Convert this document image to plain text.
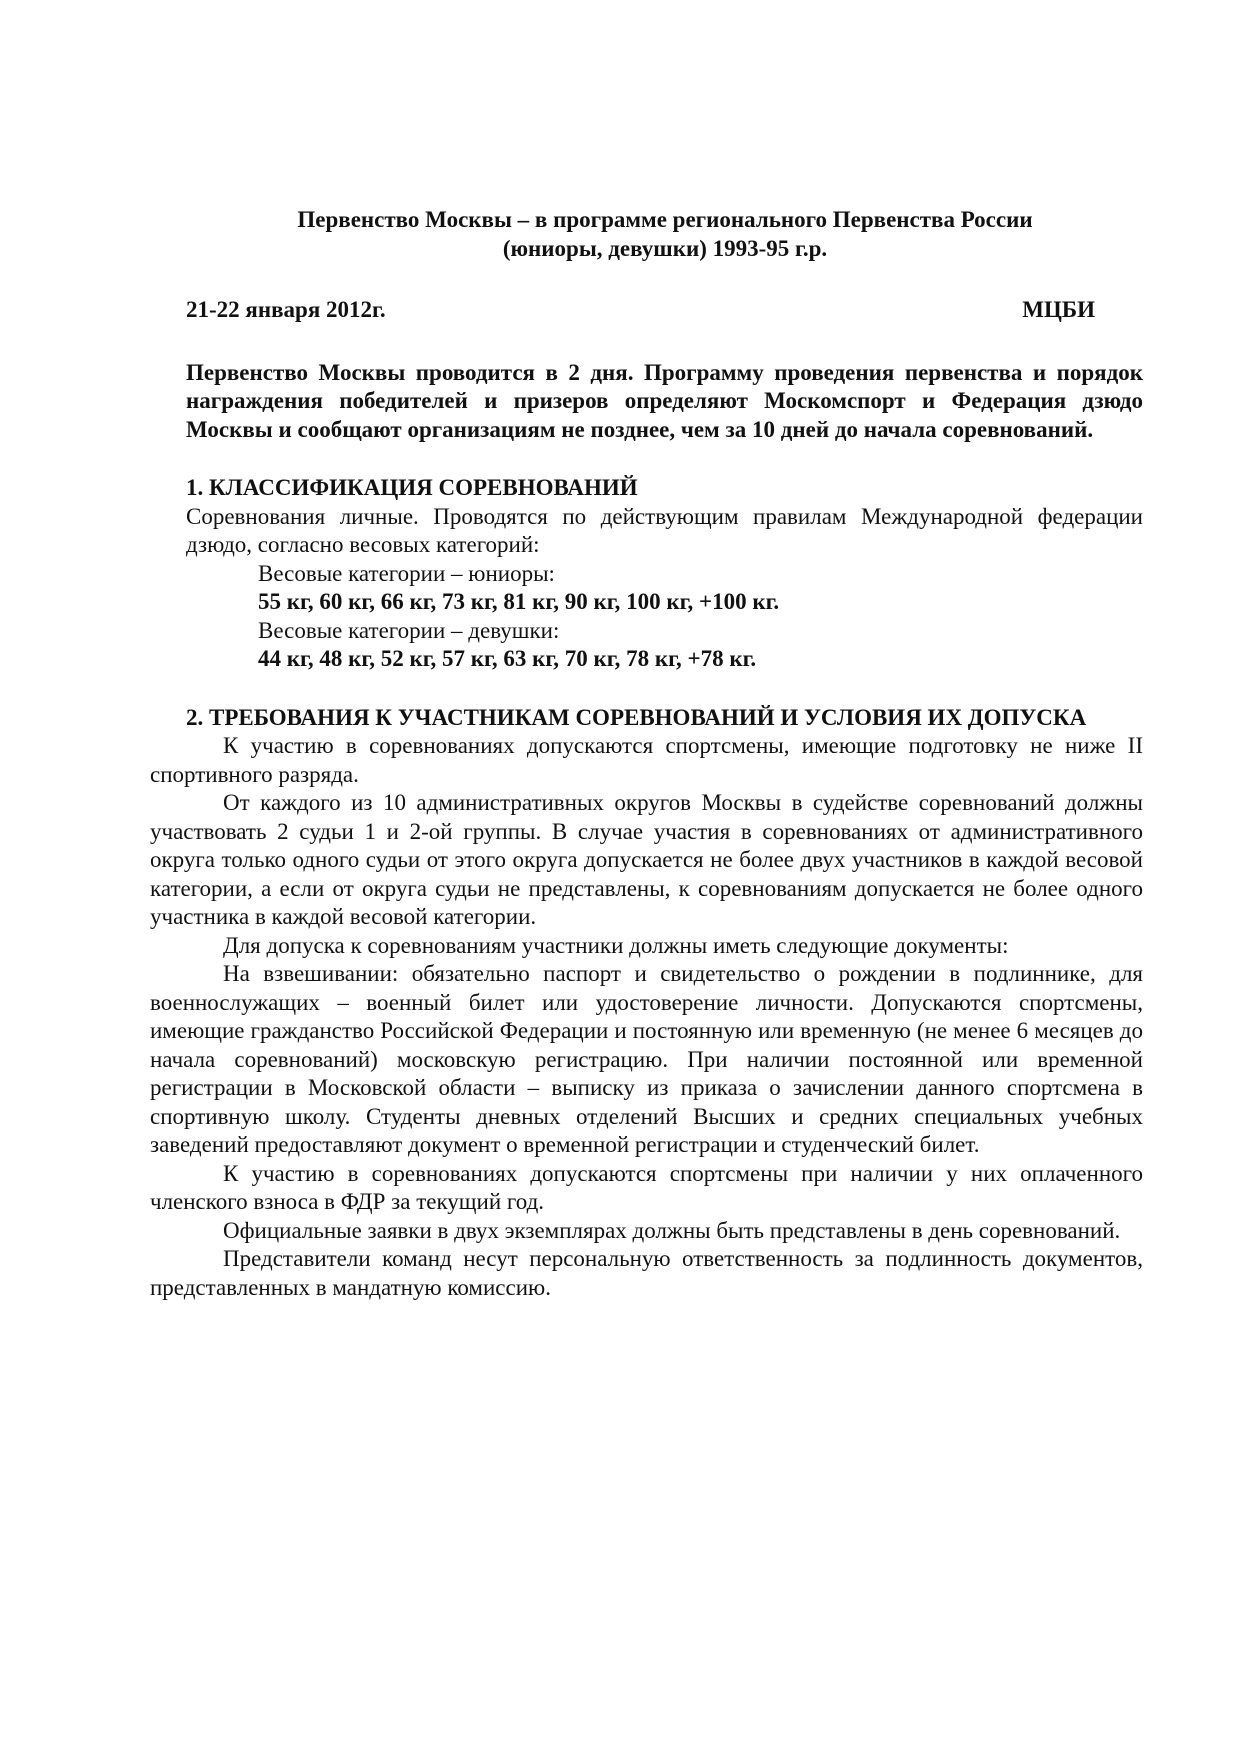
Первенство Москвы – в программе регионального Первенства России
(юниоры, девушки) 1993-95 г.р.
21-22 января 2012г.	МЦБИ

Первенство Москвы проводится в 2 дня. Программу проведения первенства и порядок награждения победителей и призеров определяют Москомспорт и Федерация дзюдо Москвы и сообщают организациям не позднее, чем за 10 дней до начала соревнований.

1. КЛАССИФИКАЦИЯ СОРЕВНОВАНИЙ

Соревнования личные. Проводятся по действующим правилам Международной федерации дзюдо, согласно весовых категорий:

Весовые категории – юниоры:
55 кг, 60 кг, 66 кг, 73 кг, 81 кг, 90 кг, 100 кг, +100 кг.
Весовые категории – девушки:
44 кг, 48 кг, 52 кг, 57 кг, 63 кг, 70 кг, 78 кг, +78 кг.
2. ТРЕБОВАНИЯ К УЧАСТНИКАМ СОРЕВНОВАНИЙ И УСЛОВИЯ ИХ ДОПУСКА

К участию в соревнованиях допускаются спортсмены, имеющие подготовку не ниже II спортивного разряда.

От каждого из 10 административных округов Москвы в судействе соревнований должны участвовать 2 судьи 1 и 2-ой группы. В случае участия в соревнованиях от административного округа только одного судьи от этого округа допускается не более двух участников в каждой весовой категории, а если от округа судьи не представлены, к соревнованиям допускается не более одного участника в каждой весовой категории.

Для допуска к соревнованиям участники должны иметь следующие документы:

На взвешивании: обязательно паспорт и свидетельство о рождении в подлиннике, для военнослужащих – военный билет или удостоверение личности. Допускаются спортсмены, имеющие гражданство Российской Федерации и постоянную или временную (не менее 6 месяцев до начала соревнований) московскую регистрацию. При наличии постоянной или временной регистрации в Московской области – выписку из приказа о зачислении данного спортсмена в спортивную школу. Студенты дневных отделений Высших и средних специальных учебных заведений предоставляют документ о временной регистрации и студенческий билет.

К участию в соревнованиях допускаются спортсмены при наличии у них оплаченного членского взноса в ФДР за текущий год.

Официальные заявки в двух экземплярах должны быть представлены в день соревнований.

Представители команд несут персональную ответственность за подлинность документов, представленных в мандатную комиссию.
